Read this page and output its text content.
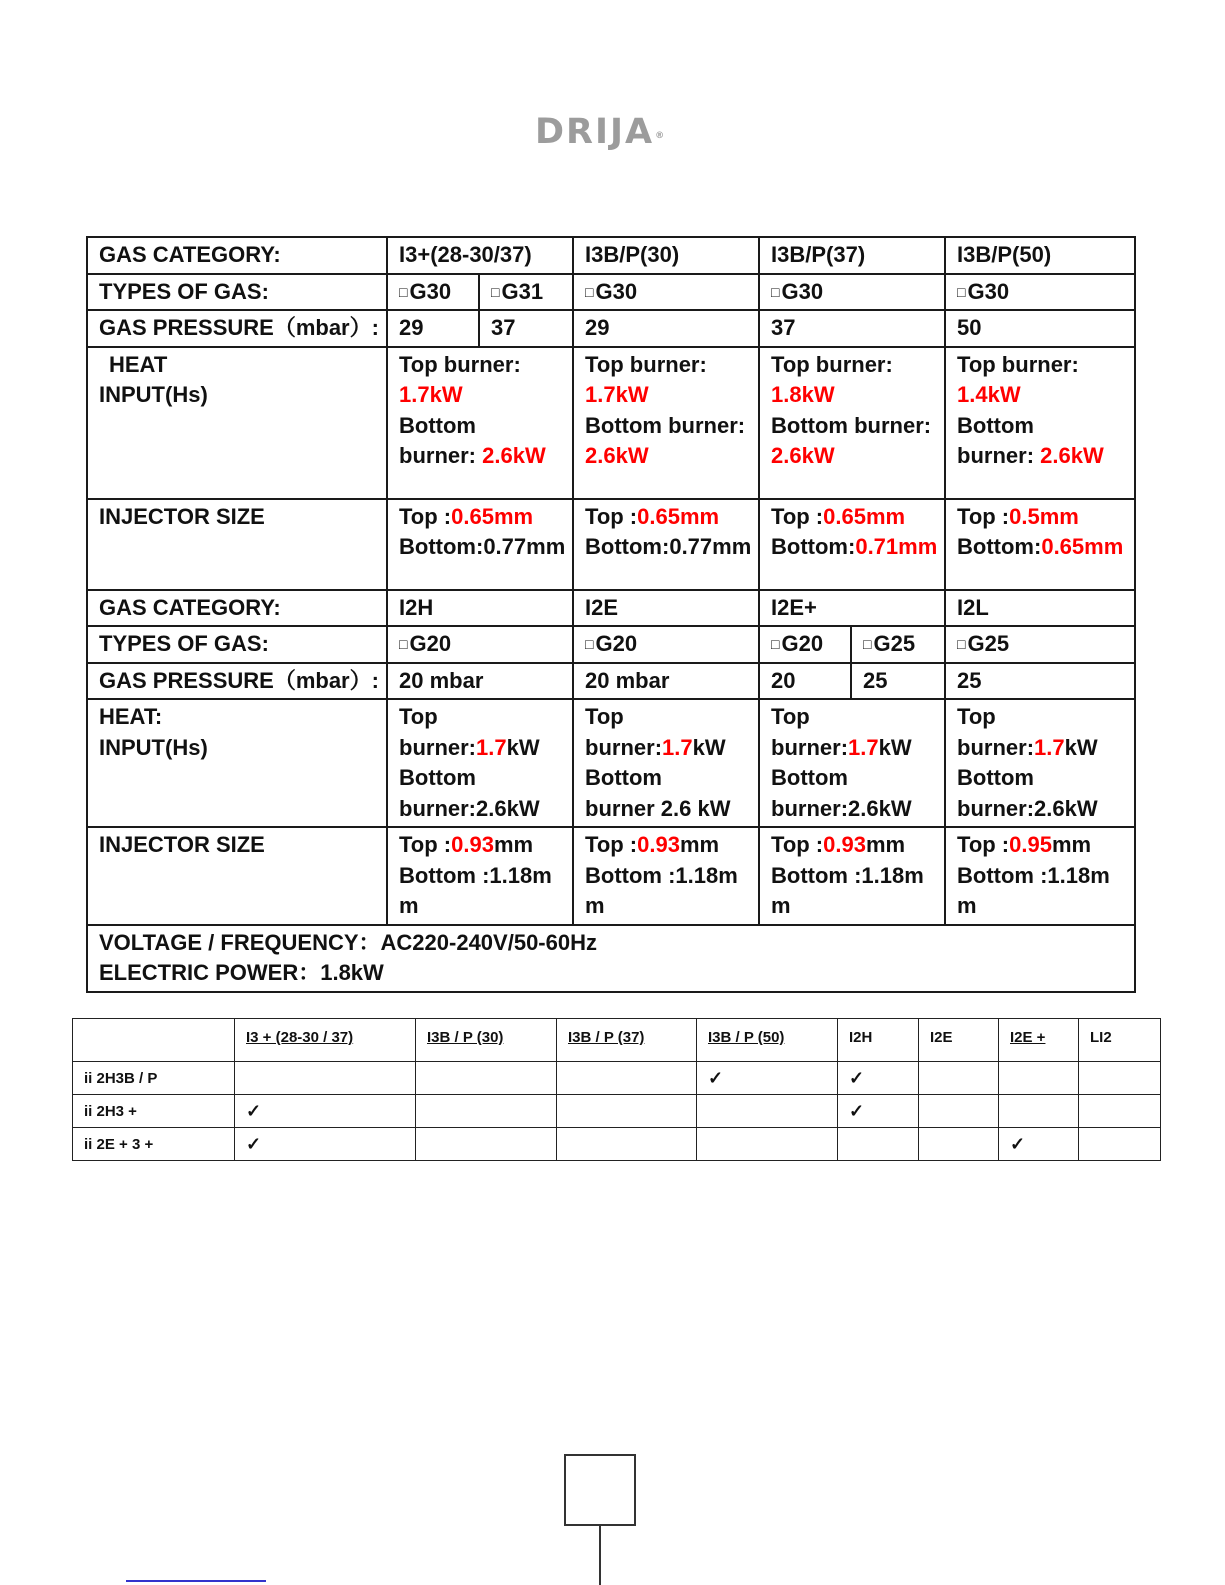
DRIJA®
GAS CATEGORY:	I3+(28-30/37)		I3B/P(30)	I3B/P(37)		I3B/P(50)
TYPES OF GAS:	□G30	□G31	□G30	□G30		□G30
GAS PRESSURE（mbar）:	29	37	29	37		50
HEAT
INPUT(Hs)	Top burner:
1.7kW
Bottom
burner: 2.6kW		Top burner:
1.7kW
Bottom burner:
2.6kW	Top burner:
1.8kW
Bottom burner:
2.6kW		Top burner:
1.4kW
Bottom
burner: 2.6kW
INJECTOR SIZE	Top :0.65mm
Bottom:0.77mm		Top :0.65mm
Bottom:0.77mm	Top :0.65mm
Bottom:0.71mm		Top :0.5mm
Bottom:0.65mm
GAS CATEGORY:	I2H		I2E	I2E+		I2L
TYPES OF GAS:	□G20		□G20	□G20	□G25	□G25
GAS PRESSURE（mbar）:	20 mbar		20 mbar	20	25	25
HEAT:
INPUT(Hs)	Top
burner:1.7kW
Bottom
burner:2.6kW		Top
burner:1.7kW
Bottom
burner 2.6 kW	Top
burner:1.7kW
Bottom
burner:2.6kW		Top
burner:1.7kW
Bottom
burner:2.6kW
INJECTOR SIZE	Top :0.93mm
Bottom :1.18m
m		Top :0.93mm
Bottom :1.18m
m	Top :0.93mm
Bottom :1.18m
m		Top :0.95mm
Bottom :1.18m
m
VOLTAGE / FREQUENCY：AC220-240V/50-60Hz
ELECTRIC POWER：1.8kW						
	I3 + (28-30 / 37)	I3B / P (30)	I3B / P (37)	I3B / P (50)	I2H	I2E	I2E +	LI2
ii 2H3B / P				✓	✓			
ii 2H3 +	✓				✓			
ii 2E + 3 +	✓						✓	
